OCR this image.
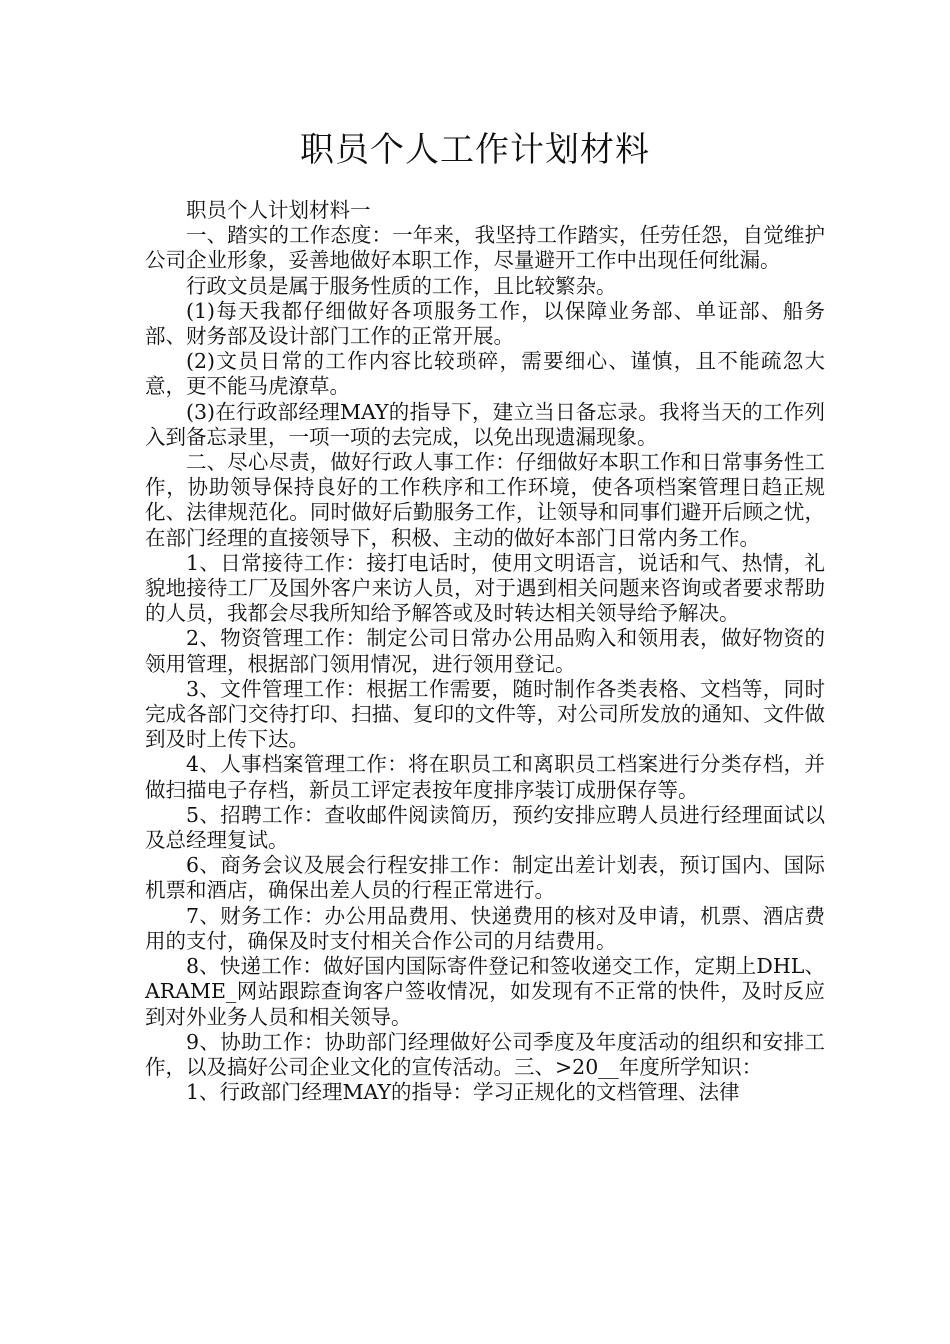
职员个人工作计划材料

职员个人计划材料一

一、踏实的工作态度：一年来，我坚持工作踏实，任劳任怨，自觉维护公司企业形象，妥善地做好本职工作，尽量避开工作中出现任何纰漏。

行政文员是属于服务性质的工作，且比较繁杂。

(1)每天我都仔细做好各项服务工作，以保障业务部、单证部、船务部、财务部及设计部门工作的正常开展。

(2)文员日常的工作内容比较琐碎，需要细心、谨慎，且不能疏忽大意，更不能马虎潦草。

(3)在行政部经理MAY的指导下，建立当日备忘录。我将当天的工作列入到备忘录里，一项一项的去完成，以免出现遗漏现象。

二、尽心尽责，做好行政人事工作：仔细做好本职工作和日常事务性工作，协助领导保持良好的工作秩序和工作环境，使各项档案管理日趋正规化、法律规范化。同时做好后勤服务工作，让领导和同事们避开后顾之忧，在部门经理的直接领导下，积极、主动的做好本部门日常内务工作。

1、日常接待工作：接打电话时，使用文明语言，说话和气、热情，礼貌地接待工厂及国外客户来访人员，对于遇到相关问题来咨询或者要求帮助的人员，我都会尽我所知给予解答或及时转达相关领导给予解决。

2、物资管理工作：制定公司日常办公用品购入和领用表，做好物资的领用管理，根据部门领用情况，进行领用登记。

3、文件管理工作：根据工作需要，随时制作各类表格、文档等，同时完成各部门交待打印、扫描、复印的文件等，对公司所发放的通知、文件做到及时上传下达。

4、人事档案管理工作：将在职员工和离职员工档案进行分类存档，并做扫描电子存档，新员工评定表按年度排序装订成册保存等。

5、招聘工作：查收邮件阅读简历，预约安排应聘人员进行经理面试以及总经理复试。

6、商务会议及展会行程安排工作：制定出差计划表，预订国内、国际机票和酒店，确保出差人员的行程正常进行。

7、财务工作：办公用品费用、快递费用的核对及申请，机票、酒店费用的支付，确保及时支付相关合作公司的月结费用。

8、快递工作：做好国内国际寄件登记和签收递交工作，定期上DHL、ARAME_网站跟踪查询客户签收情况，如发现有不正常的快件，及时反应到对外业务人员和相关领导。

9、协助工作：协助部门经理做好公司季度及年度活动的组织和安排工作，以及搞好公司企业文化的宣传活动。三、>20__年度所学知识：

1、行政部门经理MAY的指导：学习正规化的文档管理、法律
